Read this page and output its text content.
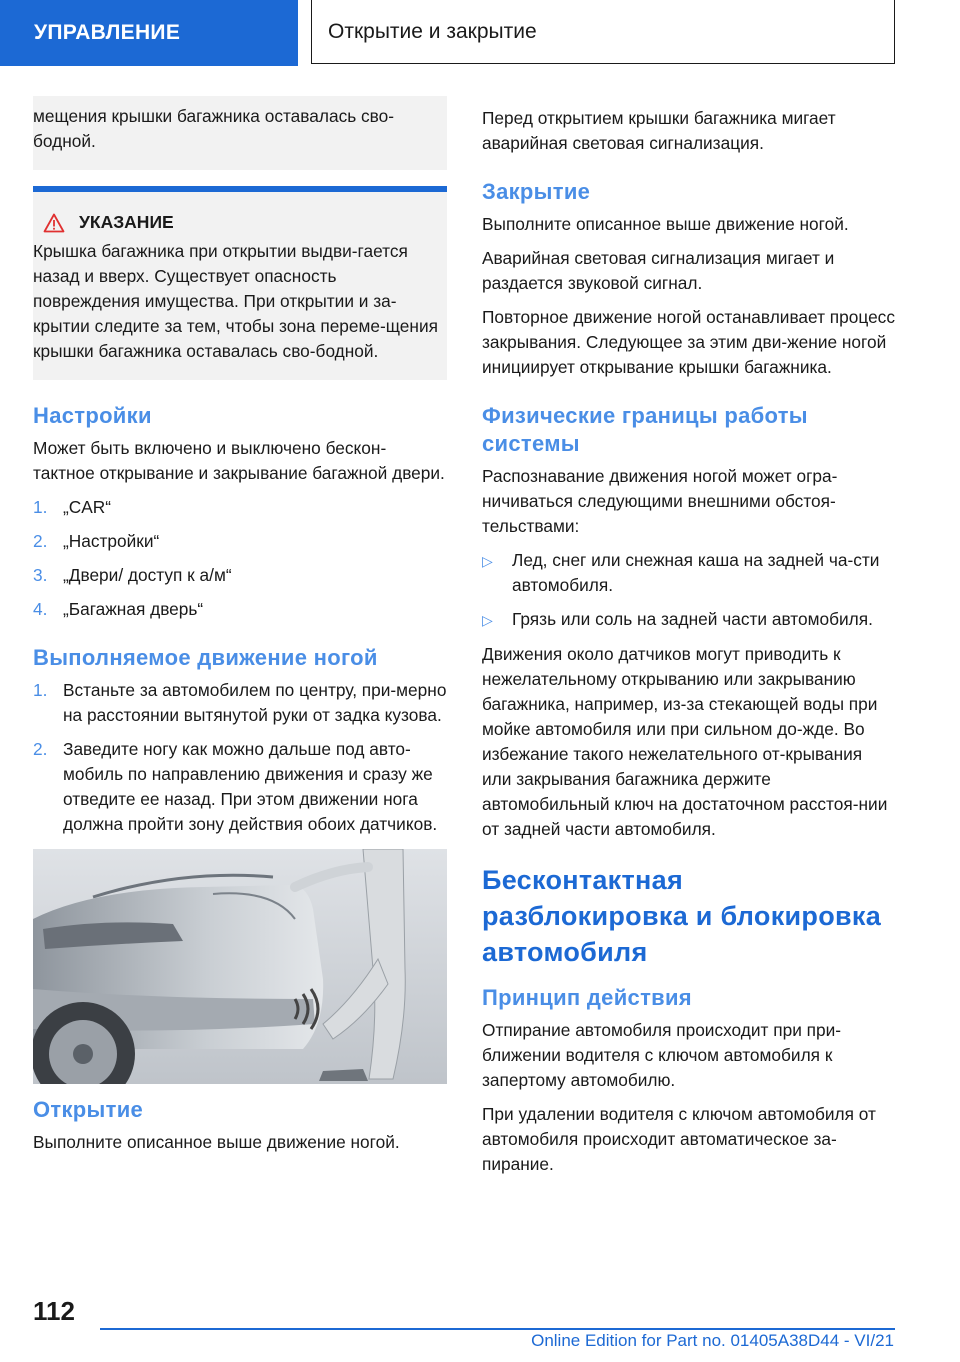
УПРАВЛЕНИЕ	Открытие и закрытие

мещения крышки багажника оставалась сво-бодной.

УКАЗАНИЕ

Крышка багажника при открытии выдви-гается назад и вверх. Существует опасность повреждения имущества. При открытии и за-крытии следите за тем, чтобы зона переме-щения крышки багажника оставалась сво-бодной.

Настройки

Может быть включено и выключено бескон-тактное открывание и закрывание багажной двери.

1. „CAR“
2. „Настройки“
3. „Двери/ доступ к а/м“
4. „Багажная дверь“
Выполняемое движение ногой
1. Встаньте за автомобилем по центру, при-мерно на расстоянии вытянутой руки от задка кузова.
2. Заведите ногу как можно дальше под авто-мобиль по направлению движения и сразу же отведите ее назад. При этом движении нога должна пройти зону действия обоих датчиков.
Открытие

Выполните описанное выше движение ногой.

Перед открытием крышки багажника мигает аварийная световая сигнализация.

Закрытие

Выполните описанное выше движение ногой.

Аварийная световая сигнализация мигает и раздается звуковой сигнал.

Повторное движение ногой останавливает процесс закрывания. Следующее за этим дви-жение ногой инициирует открывание крышки багажника.

Физические границы работы системы

Распознавание движения ногой может огра-ничиваться следующими внешними обстоя-тельствами:

▷	Лед, снег или снежная каша на задней ча-сти автомобиля.
▷	Грязь или соль на задней части автомобиля.

Движения около датчиков могут приводить к нежелательному открыванию или закрыванию багажника, например, из-за стекающей воды при мойке автомобиля или при сильном до-жде. Во избежание такого нежелательного от-крывания или закрывания багажника держите автомобильный ключ на достаточном расстоя-нии от задней части автомобиля.

Бесконтактная разблокировка и блокировка автомобиля
Принцип действия

Отпирание автомобиля происходит при при-ближении водителя с ключом автомобиля к запертому автомобилю.

При удалении водителя с ключом автомобиля от автомобиля происходит автоматическое за-пирание.

112
Online Edition for Part no. 01405A38D44 - VI/21
